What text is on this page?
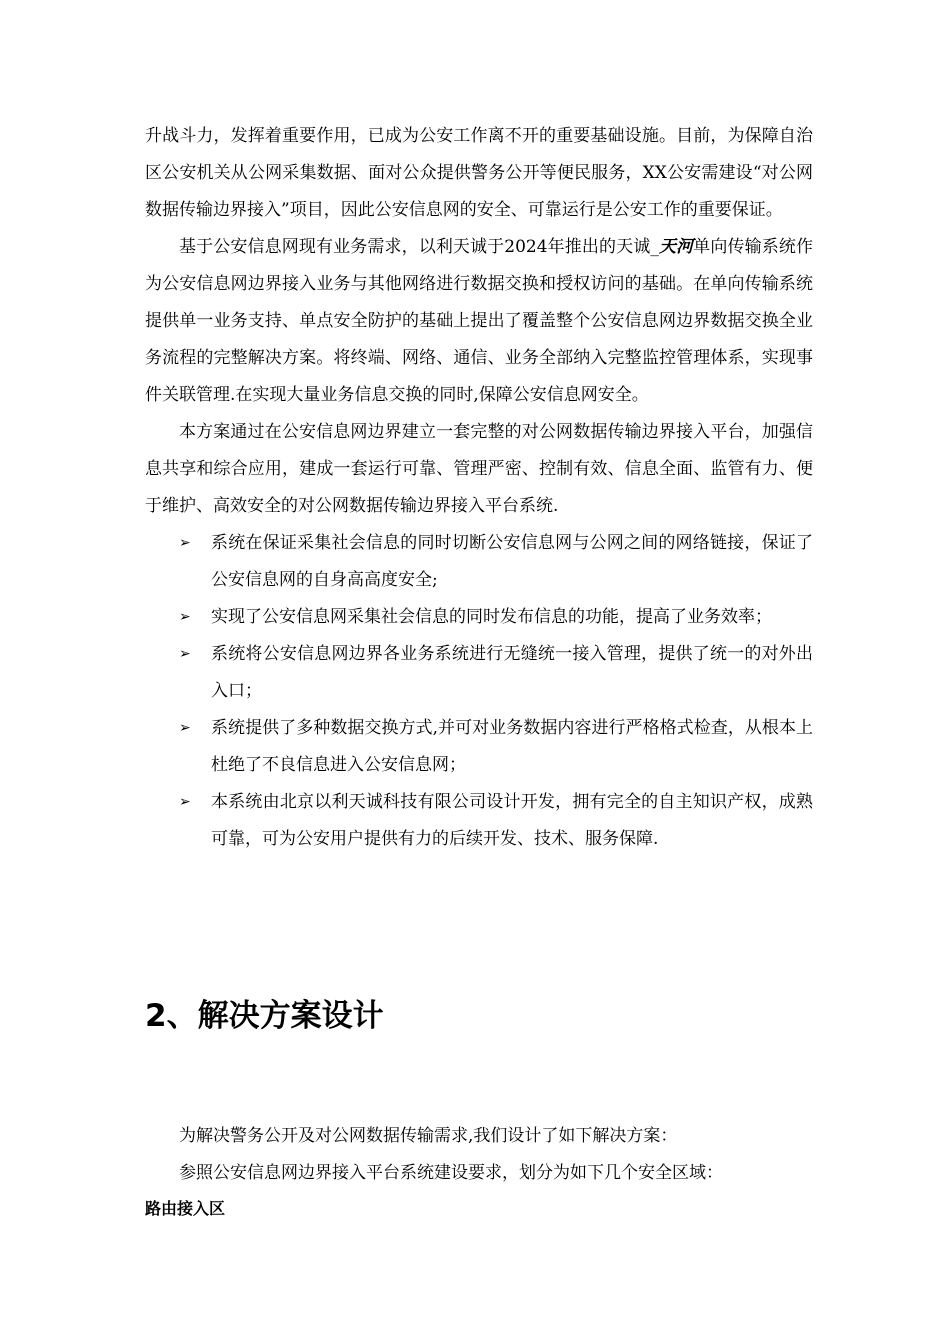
升战斗力，发挥着重要作用，已成为公安工作离不开的重要基础设施。目前，为保障自治区公安机关从公网采集数据、面对公众提供警务公开等便民服务，XX公安需建设“对公网数据传输边界接入”项目，因此公安信息网的安全、可靠运行是公安工作的重要保证。

基于公安信息网现有业务需求，以利天诚于2024年推出的天诚_天河单向传输系统作为公安信息网边界接入业务与其他网络进行数据交换和授权访问的基础。在单向传输系统提供单一业务支持、单点安全防护的基础上提出了覆盖整个公安信息网边界数据交换全业务流程的完整解决方案。将终端、网络、通信、业务全部纳入完整监控管理体系，实现事件关联管理.在实现大量业务信息交换的同时,保障公安信息网安全。

本方案通过在公安信息网边界建立一套完整的对公网数据传输边界接入平台，加强信息共享和综合应用，建成一套运行可靠、管理严密、控制有效、信息全面、监管有力、便于维护、高效安全的对公网数据传输边界接入平台系统.

➢ 系统在保证采集社会信息的同时切断公安信息网与公网之间的网络链接，保证了公安信息网的自身高高度安全;
➢ 实现了公安信息网采集社会信息的同时发布信息的功能，提高了业务效率；
➢ 系统将公安信息网边界各业务系统进行无缝统一接入管理，提供了统一的对外出入口；
➢ 系统提供了多种数据交换方式,并可对业务数据内容进行严格格式检查，从根本上杜绝了不良信息进入公安信息网；
➢ 本系统由北京以利天诚科技有限公司设计开发，拥有完全的自主知识产权，成熟可靠，可为公安用户提供有力的后续开发、技术、服务保障.
2、解决方案设计

为解决警务公开及对公网数据传输需求,我们设计了如下解决方案：

参照公安信息网边界接入平台系统建设要求，划分为如下几个安全区域：

路由接入区
